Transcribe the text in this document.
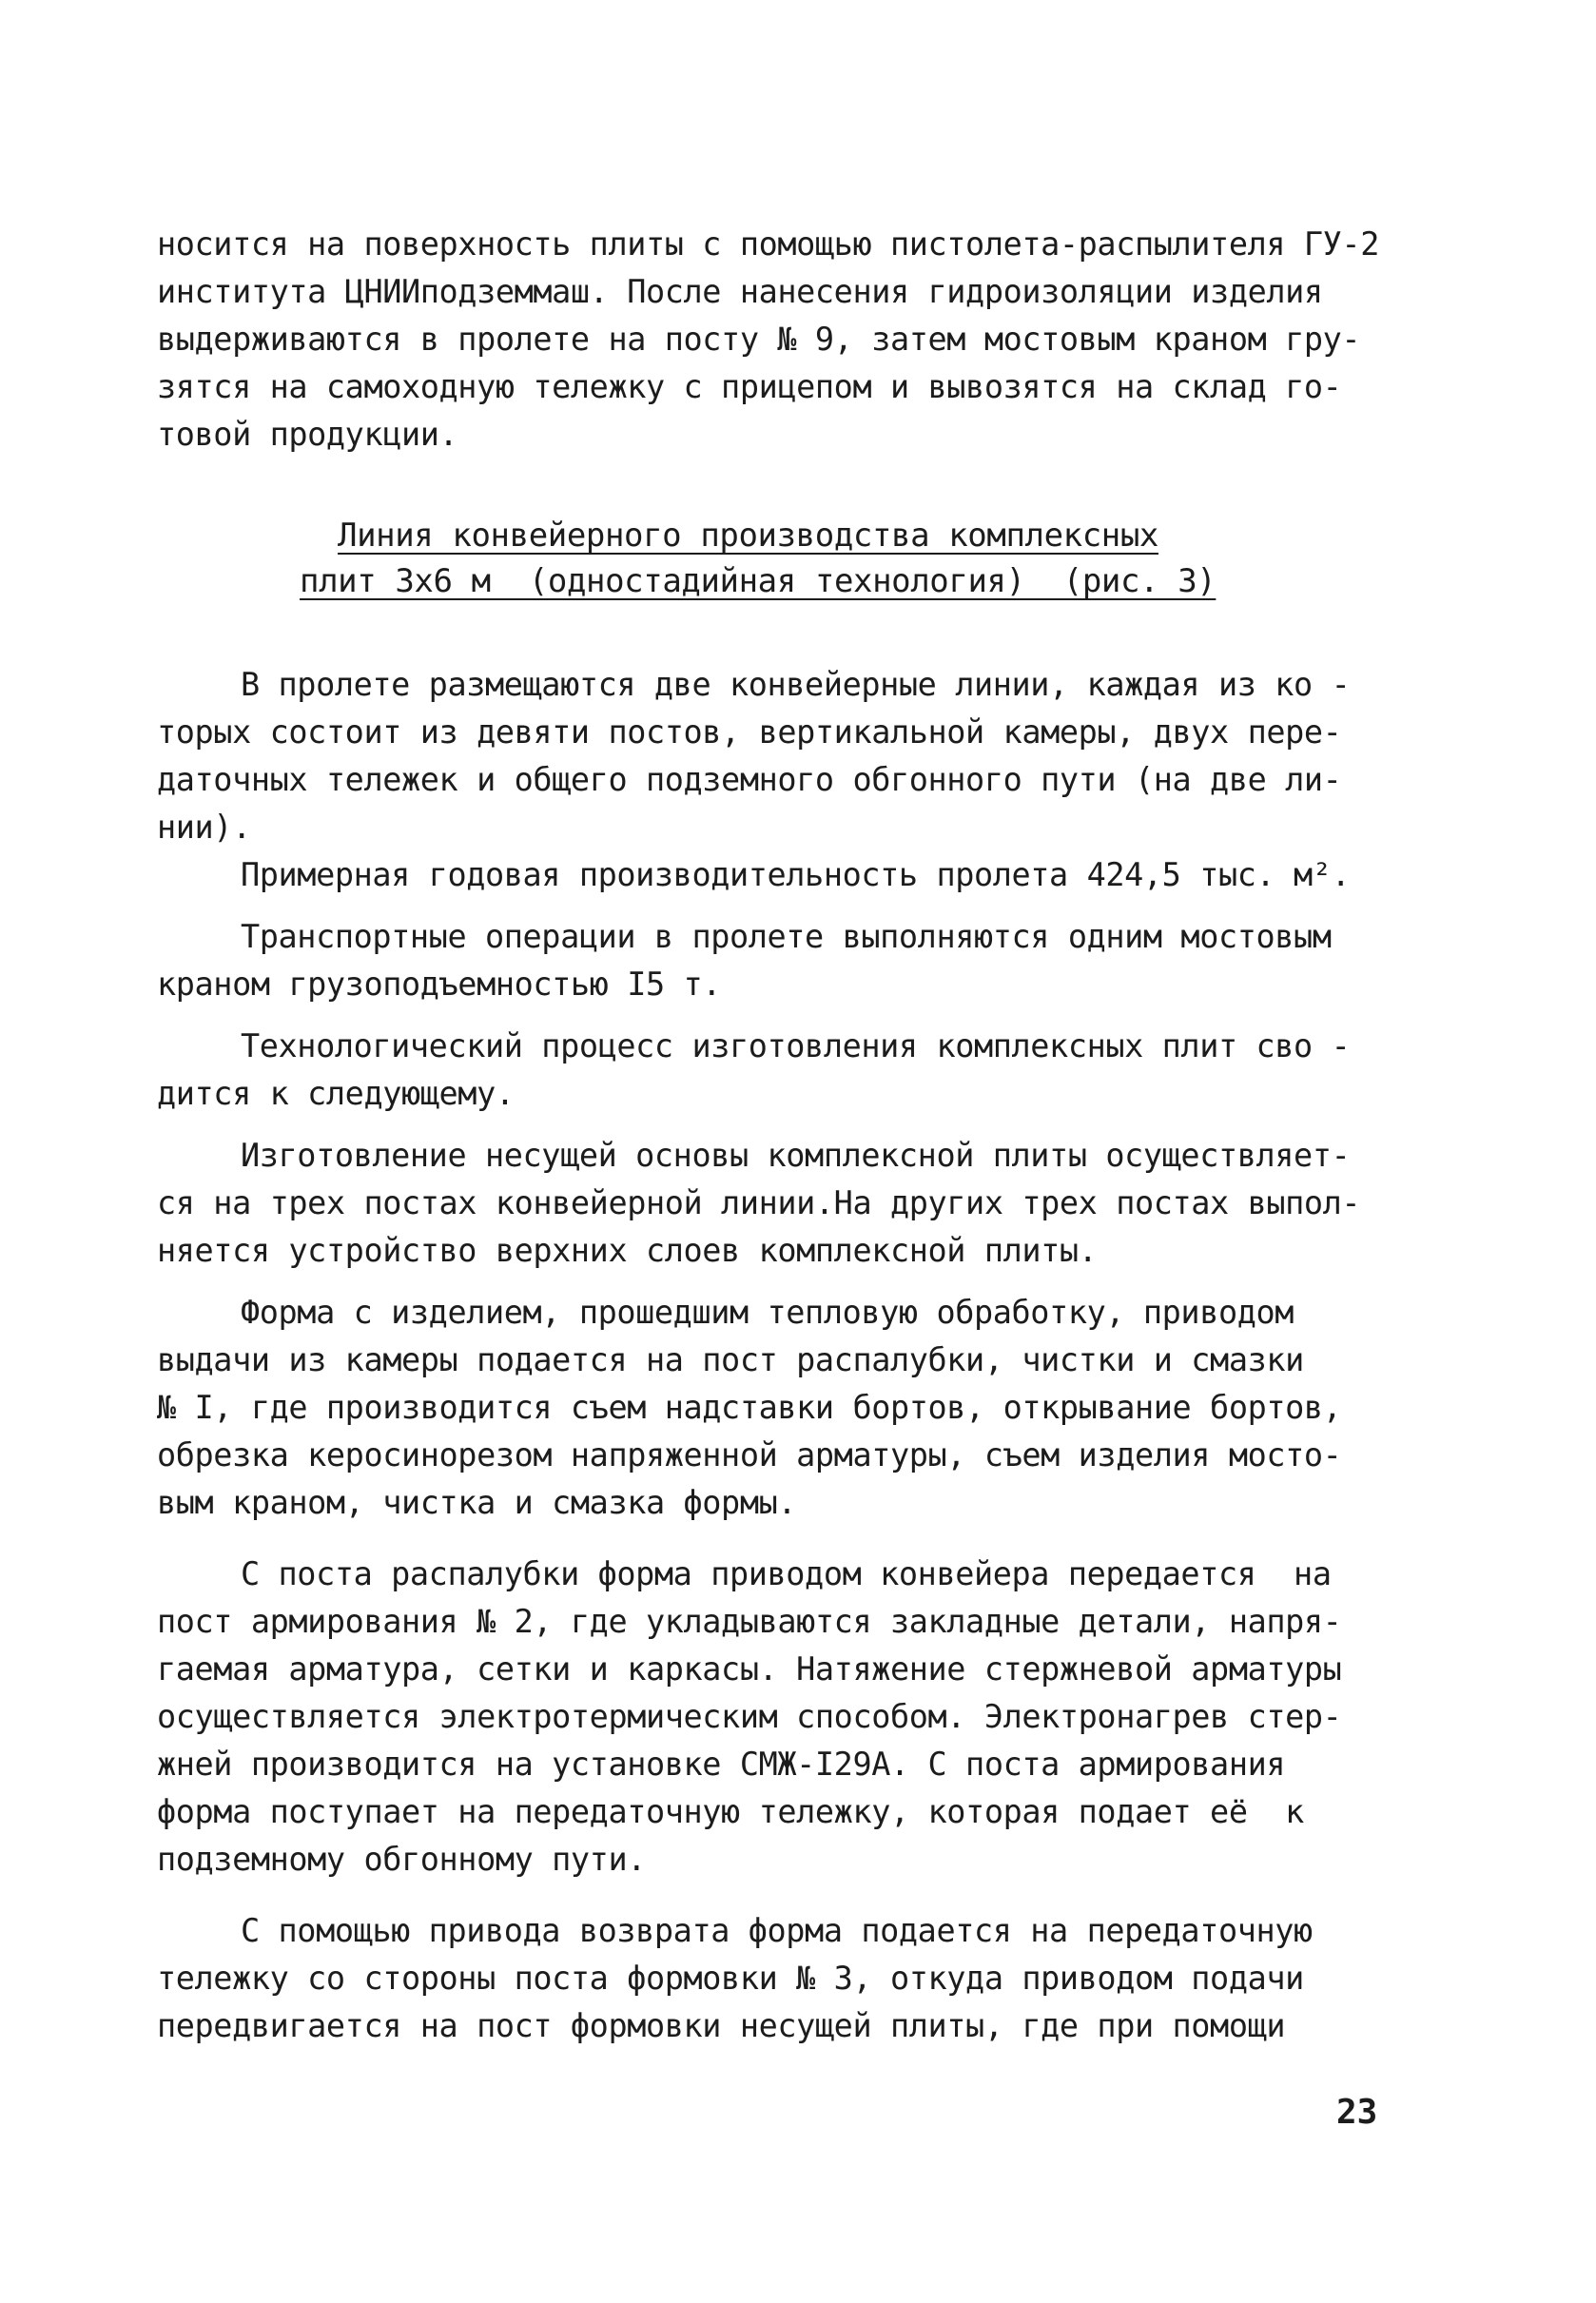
носится на поверхность плиты с помощью пистолета-распылителя ГУ-2
института ЦНИИподземмаш. После нанесения гидроизоляции изделия
выдерживаются в пролете на посту № 9, затем мостовым краном гру-
зятся на самоходную тележку с прицепом и вывозятся на склад го-
товой продукции.
Линия конвейерного производства комплексных
плит 3х6 м  (одностадийная технология)  (рис. 3)
В пролете размещаются две конвейерные линии, каждая из ко -
торых состоит из девяти постов, вертикальной камеры, двух пере-
даточных тележек и общего подземного обгонного пути (на две ли-
нии).
Примерная годовая производительность пролета 424,5 тыс. м².
Транспортные операции в пролете выполняются одним мостовым
краном грузоподъемностью I5 т.
Технологический процесс изготовления комплексных плит сво -
дится к следующему.
Изготовление несущей основы комплексной плиты осуществляет-
ся на трех постах конвейерной линии.На других трех постах выпол-
няется устройство верхних слоев комплексной плиты.
Форма с изделием, прошедшим тепловую обработку, приводом
выдачи из камеры подается на пост распалубки, чистки и смазки
№ I, где производится съем надставки бортов, открывание бортов,
обрезка керосинорезом напряженной арматуры, съем изделия мосто-
вым краном, чистка и смазка формы.
С поста распалубки форма приводом конвейера передается  на
пост армирования № 2, где укладываются закладные детали, напря-
гаемая арматура, сетки и каркасы. Натяжение стержневой арматуры
осуществляется электротермическим способом. Электронагрев стер-
жней производится на установке СМЖ-I29А. С поста армирования
форма поступает на передаточную тележку, которая подает её  к
подземному обгонному пути.
С помощью привода возврата форма подается на передаточную
тележку со стороны поста формовки № 3, откуда приводом подачи
передвигается на пост формовки несущей плиты, где при помощи
23
